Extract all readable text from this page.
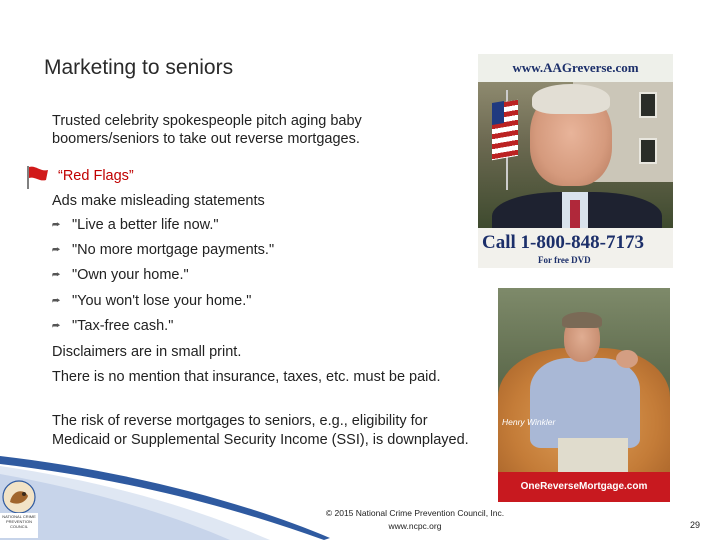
Marketing to seniors
Trusted celebrity spokespeople pitch aging baby boomers/seniors to take out reverse mortgages.
“Red Flags”
Ads make misleading statements
⮫ "Live a better life now."
⮫ "No more mortgage payments."
⮫ "Own your home."
⮫ "You won't lose your home."
⮫ "Tax-free cash."
Disclaimers are in small print.
There is no mention that insurance, taxes, etc. must be paid.
The risk of reverse mortgages to seniors, e.g., eligibility for Medicaid or Supplemental Security Income (SSI), is downplayed.
www.AAGreverse.com
Call 1-800-848-7173
For free DVD
Henry Winkler
OneReverseMortgage.com
NATIONAL CRIME PREVENTION COUNCIL
© 2015 National Crime Prevention Council, Inc.
www.ncpc.org	29
